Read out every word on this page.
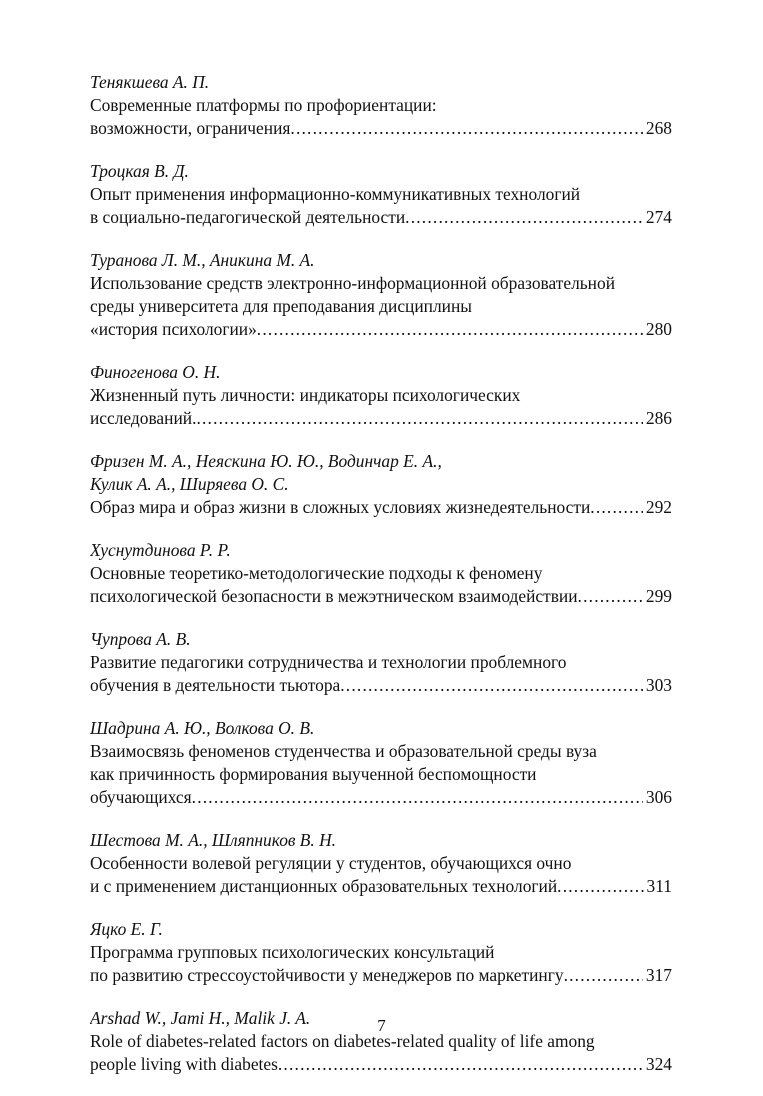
Тенякшева А. П.
Современные платформы по профориентации:
возможности, ограничения .....	268
Троцкая В. Д.
Опыт применения информационно-коммуникативных технологий
в социально-педагогической деятельности .....	274
Туранова Л. М., Аникина М. А.
Использование средств электронно-информационной образовательной
среды университета для преподавания дисциплины
«история психологии» .....	280
Финогенова О. Н.
Жизненный путь личности: индикаторы психологических
исследований. .....	286
Фризен М. А., Неяскина Ю. Ю., Водинчар Е. А.,
Кулик А. А., Ширяева О. С.
Образ мира и образ жизни в сложных условиях жизнедеятельности .....	292
Хуснутдинова Р. Р.
Основные теоретико-методологические подходы к феномену
психологической безопасности в межэтническом взаимодействии .....	299
Чупрова А. В.
Развитие педагогики сотрудничества и технологии проблемного
обучения в деятельности тьютора .....	303
Шадрина А. Ю., Волкова О. В.
Взаимосвязь феноменов студенчества и образовательной среды вуза
как причинность формирования выученной беспомощности
обучающихся .....	306
Шестова М. А., Шляпников В. Н.
Особенности волевой регуляции у студентов, обучающихся очно
и с применением дистанционных образовательных технологий .....	311
Яцко Е. Г.
Программа групповых психологических консультаций
по развитию стрессоустойчивости у менеджеров по маркетингу .....	317
Arshad W., Jami H., Malik J. A.
Role of diabetes-related factors on diabetes-related quality of life among
people living with diabetes .....	324
7
